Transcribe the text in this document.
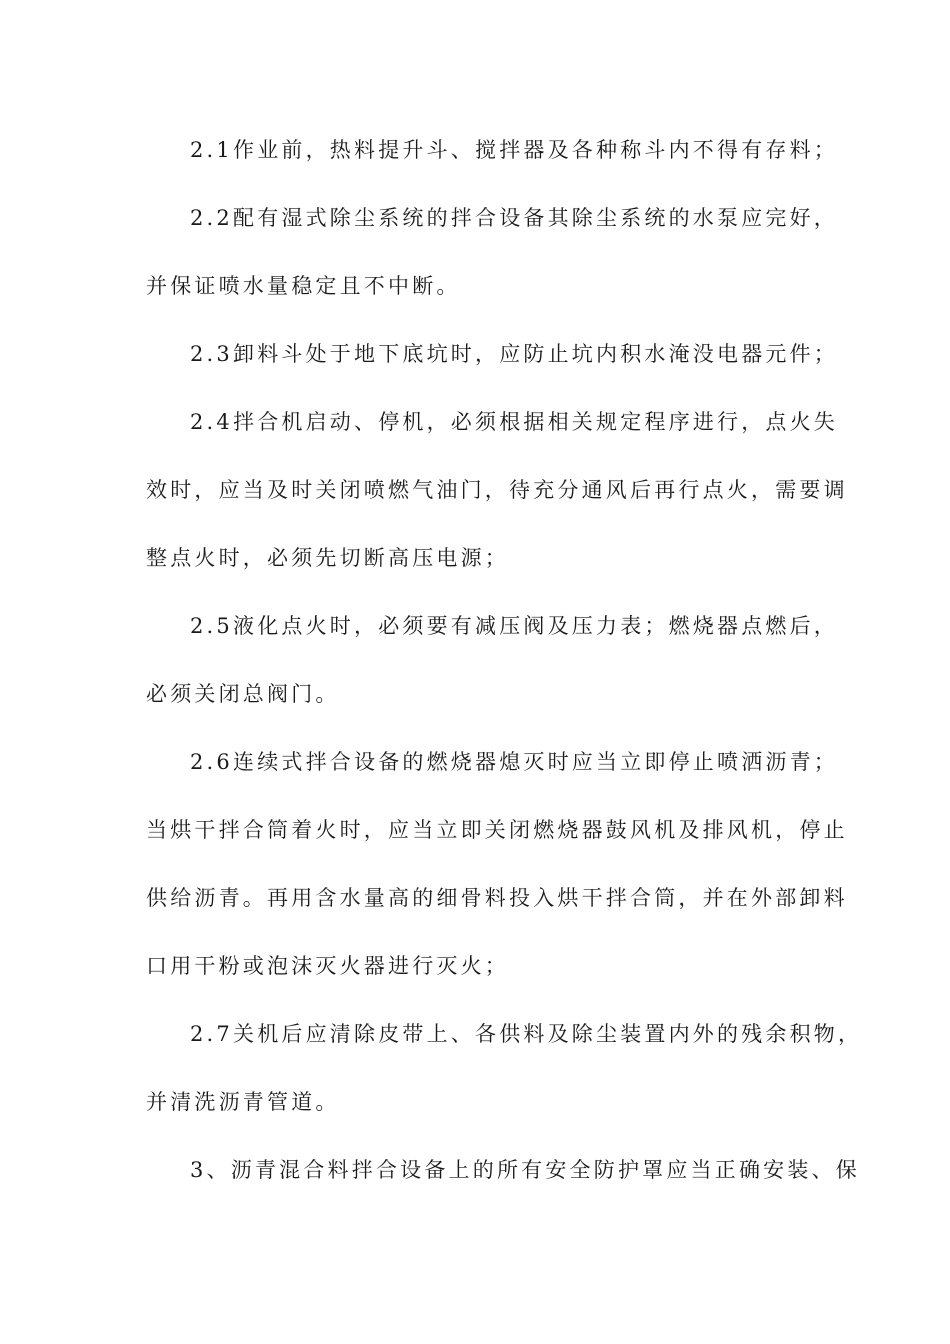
2.1作业前，热料提升斗、搅拌器及各种称斗内不得有存料；
2.2配有湿式除尘系统的拌合设备其除尘系统的水泵应完好，
并保证喷水量稳定且不中断。
2.3卸料斗处于地下底坑时，应防止坑内积水淹没电器元件；
2.4拌合机启动、停机，必须根据相关规定程序进行，点火失
效时，应当及时关闭喷燃气油门，待充分通风后再行点火，需要调
整点火时，必须先切断高压电源；
2.5液化点火时，必须要有减压阀及压力表；燃烧器点燃后，
必须关闭总阀门。
2.6连续式拌合设备的燃烧器熄灭时应当立即停止喷洒沥青；
当烘干拌合筒着火时，应当立即关闭燃烧器鼓风机及排风机，停止
供给沥青。再用含水量高的细骨料投入烘干拌合筒，并在外部卸料
口用干粉或泡沫灭火器进行灭火；
2.7关机后应清除皮带上、各供料及除尘装置内外的残余积物，
并清洗沥青管道。
3、沥青混合料拌合设备上的所有安全防护罩应当正确安装、保
